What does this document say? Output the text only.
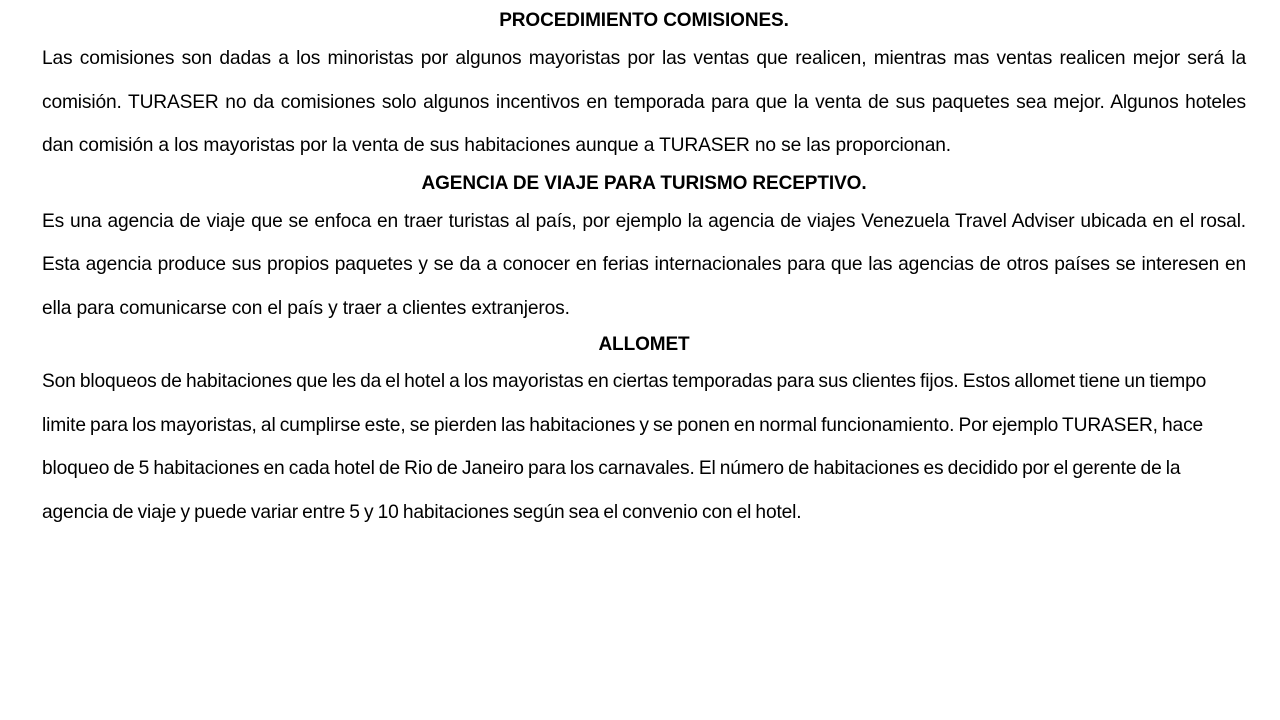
PROCEDIMIENTO COMISIONES.

Las comisiones son dadas a los minoristas por algunos mayoristas por las ventas que realicen, mientras mas ventas realicen mejor será la comisión. TURASER no da comisiones solo algunos incentivos en temporada para que la venta de sus paquetes sea mejor. Algunos hoteles dan comisión a los mayoristas por la venta de sus habitaciones aunque a TURASER no se las proporcionan.

AGENCIA DE VIAJE PARA TURISMO RECEPTIVO.

Es una agencia de viaje que se enfoca en traer turistas al país, por ejemplo la agencia de viajes Venezuela Travel Adviser ubicada en el rosal. Esta agencia produce sus propios paquetes y se da a conocer en ferias internacionales para que las agencias de otros países se interesen en ella para comunicarse con el país y traer a clientes extranjeros.

ALLOMET

Son bloqueos de habitaciones que les da el hotel a los mayoristas en ciertas temporadas para sus clientes fijos. Estos allomet tiene un tiempo limite para los mayoristas, al cumplirse este, se pierden las habitaciones y se ponen en normal funcionamiento. Por ejemplo TURASER, hace bloqueo de 5 habitaciones en cada hotel de Rio de Janeiro para los carnavales. El número de habitaciones es decidido por el gerente de la agencia de viaje y puede variar entre 5 y 10 habitaciones según sea el convenio con el hotel.
